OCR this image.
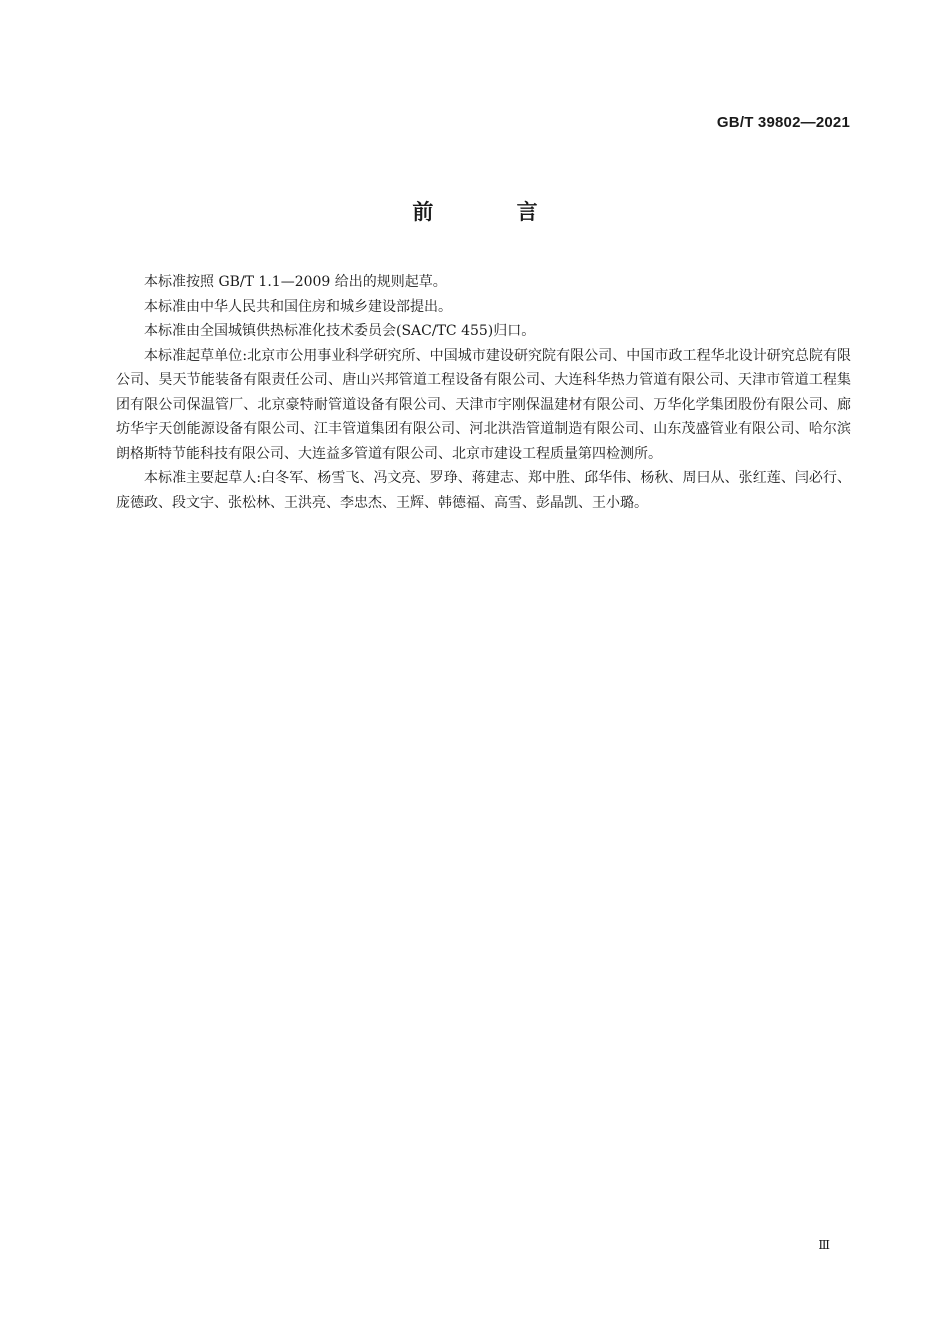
GB/T 39802—2021
前 言

本标准按照 GB/T 1.1—2009 给出的规则起草。

本标准由中华人民共和国住房和城乡建设部提出。

本标准由全国城镇供热标准化技术委员会(SAC/TC 455)归口。

本标准起草单位:北京市公用事业科学研究所、中国城市建设研究院有限公司、中国市政工程华北设计研究总院有限公司、昊天节能装备有限责任公司、唐山兴邦管道工程设备有限公司、大连科华热力管道有限公司、天津市管道工程集团有限公司保温管厂、北京豪特耐管道设备有限公司、天津市宇刚保温建材有限公司、万华化学集团股份有限公司、廊坊华宇天创能源设备有限公司、江丰管道集团有限公司、河北洪浩管道制造有限公司、山东茂盛管业有限公司、哈尔滨朗格斯特节能科技有限公司、大连益多管道有限公司、北京市建设工程质量第四检测所。

本标准主要起草人:白冬军、杨雪飞、冯文亮、罗琤、蒋建志、郑中胜、邱华伟、杨秋、周曰从、张红莲、闫必行、庞德政、段文宇、张松林、王洪亮、李忠杰、王辉、韩德福、高雪、彭晶凯、王小璐。

Ⅲ
